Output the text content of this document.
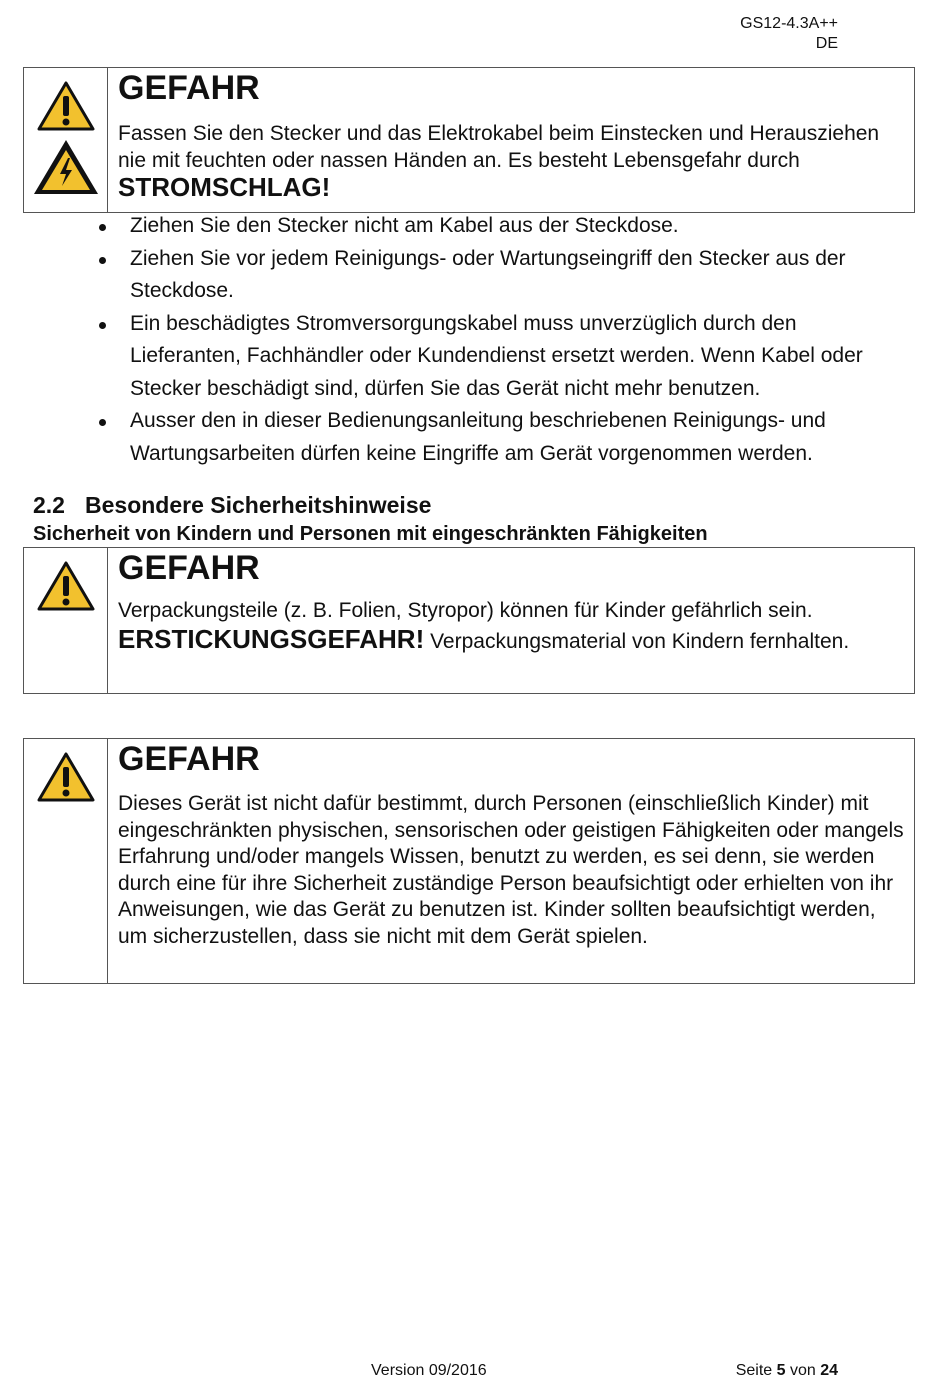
GS12-4.3A++
DE
GEFAHR
Fassen Sie den Stecker und das Elektrokabel beim Einstecken und Herausziehen nie mit feuchten oder nassen Händen an. Es besteht Lebensgefahr durch STROMSCHLAG!
Ziehen Sie den Stecker nicht am Kabel aus der Steckdose.
Ziehen Sie vor jedem Reinigungs- oder Wartungseingriff den Stecker aus der Steckdose.
Ein beschädigtes Stromversorgungskabel muss unverzüglich durch den Lieferanten, Fachhändler oder Kundendienst ersetzt werden. Wenn Kabel oder Stecker beschädigt sind, dürfen Sie das Gerät nicht mehr benutzen.
Ausser den in dieser Bedienungsanleitung beschriebenen Reinigungs- und Wartungsarbeiten dürfen keine Eingriffe am Gerät vorgenommen werden.
2.2 Besondere Sicherheitshinweise
Sicherheit von Kindern und Personen mit eingeschränkten Fähigkeiten
GEFAHR
Verpackungsteile (z. B. Folien, Styropor) können für Kinder gefährlich sein. ERSTICKUNGSGEFAHR! Verpackungsmaterial von Kindern fernhalten.
GEFAHR
Dieses Gerät ist nicht dafür bestimmt, durch Personen (einschließlich Kinder) mit eingeschränkten physischen, sensorischen oder geistigen Fähigkeiten oder mangels Erfahrung und/oder mangels Wissen, benutzt zu werden, es sei denn, sie werden durch eine für ihre Sicherheit zuständige Person beaufsichtigt oder erhielten von ihr Anweisungen, wie das Gerät zu benutzen ist. Kinder sollten beaufsichtigt werden, um sicherzustellen, dass sie nicht mit dem Gerät spielen.
Version 09/2016	Seite 5 von 24
